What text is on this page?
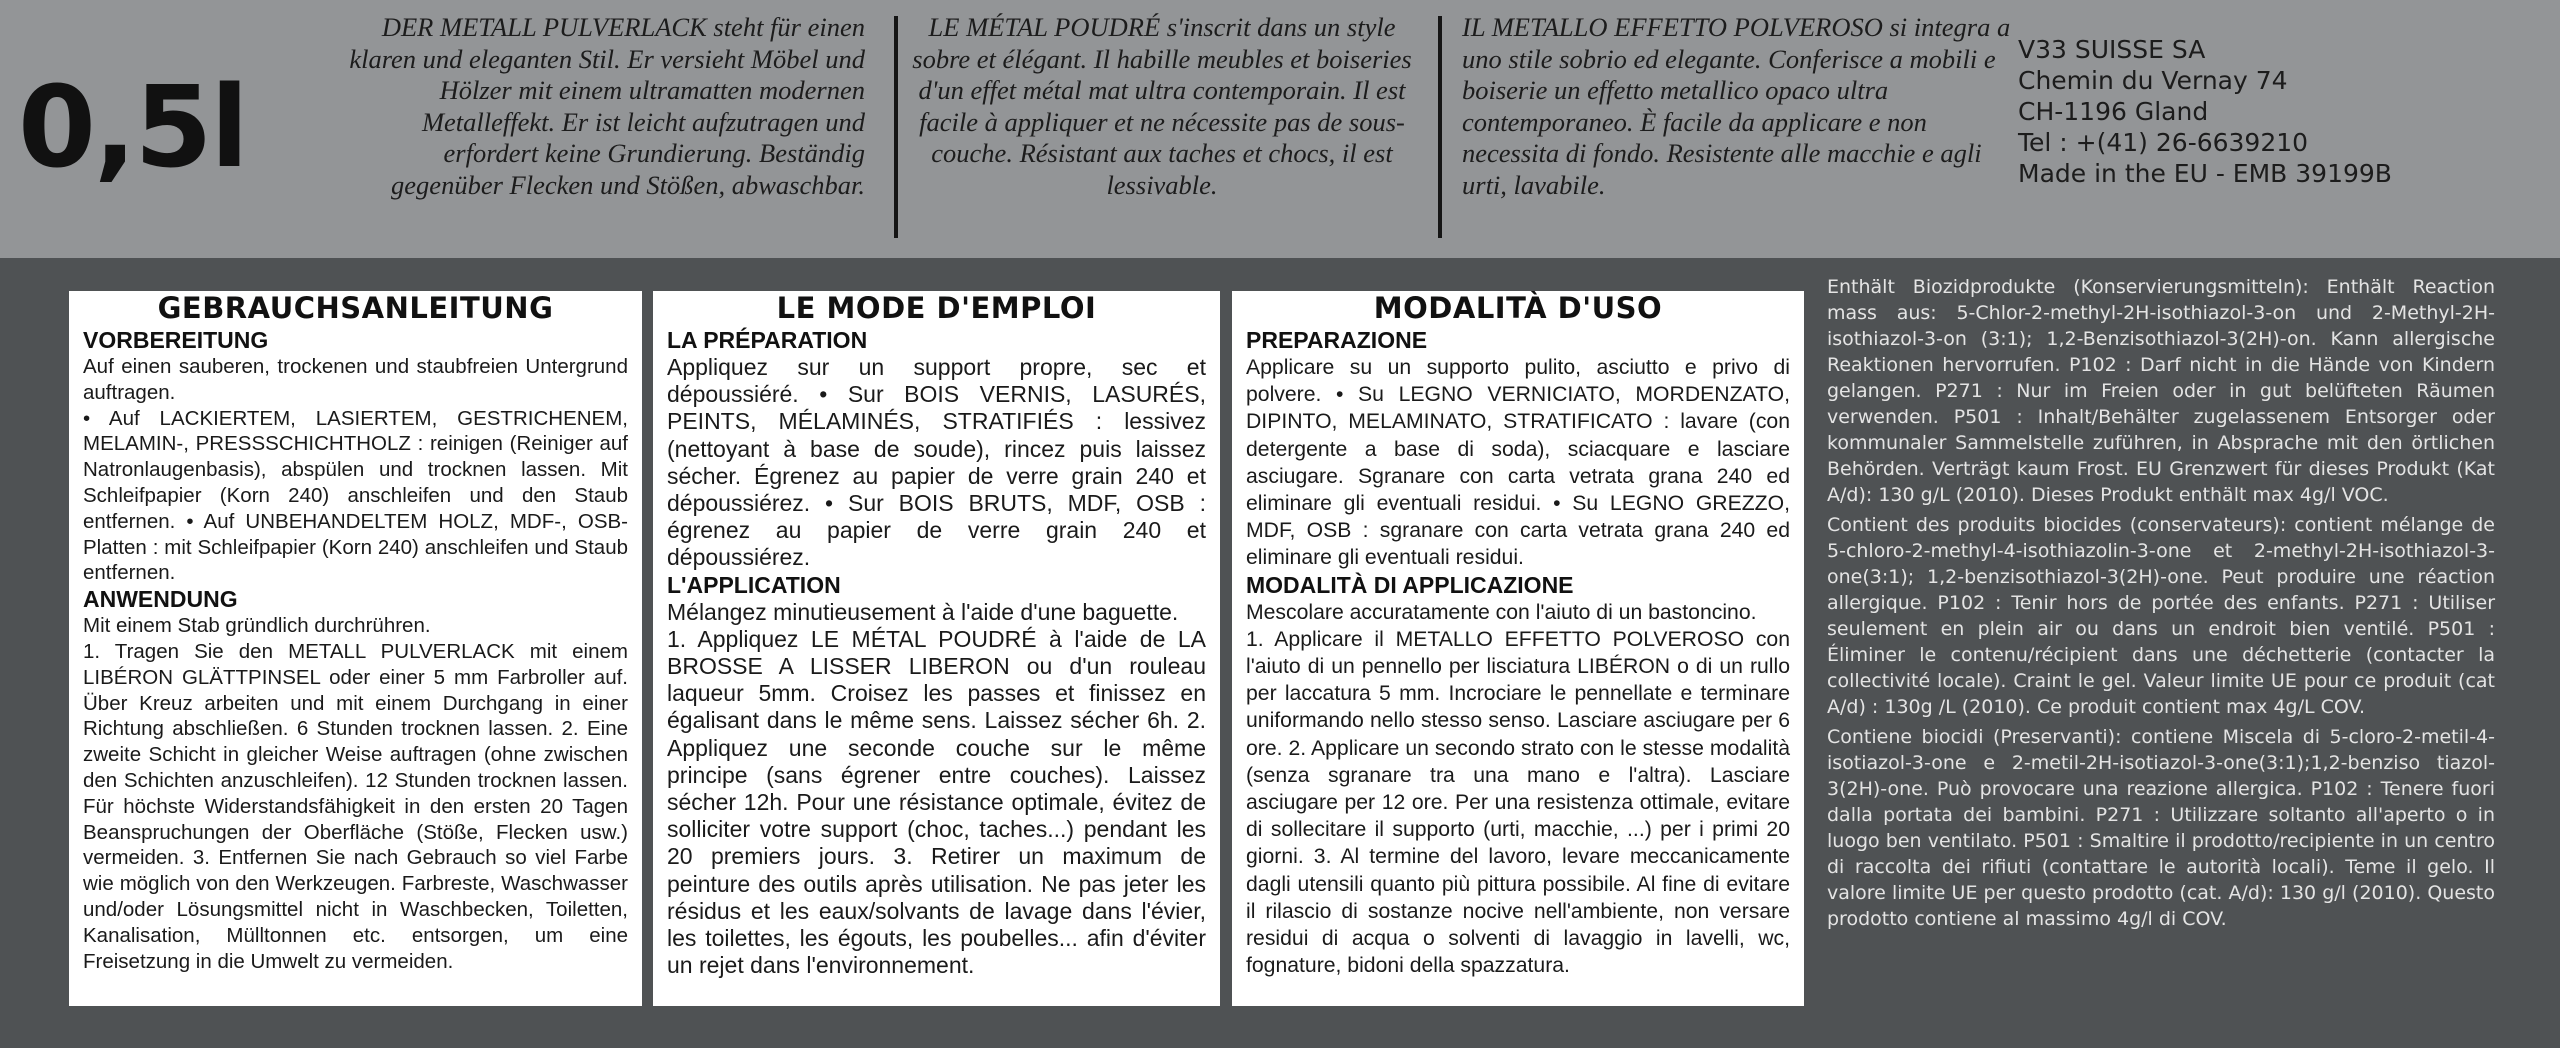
0,5l
DER METALL PULVERLACK steht für einen klaren und eleganten Stil. Er versieht Möbel und Hölzer mit einem ultramatten modernen Metalleffekt. Er ist leicht aufzutragen und erfordert keine Grundierung. Beständig gegenüber Flecken und Stößen, abwaschbar.
LE MÉTAL POUDRÉ s'inscrit dans un style sobre et élégant. Il habille meubles et boiseries d'un effet métal mat ultra contemporain. Il est facile à appliquer et ne nécessite pas de sous-couche. Résistant aux taches et chocs, il est lessivable.
IL METALLO EFFETTO POLVEROSO si integra a uno stile sobrio ed elegante. Conferisce a mobili e boiserie un effetto metallico opaco ultra contemporaneo. È facile da applicare e non necessita di fondo. Resistente alle macchie e agli urti, lavabile.
V33 SUISSE SA
Chemin du Vernay 74
CH-1196 Gland
Tel : +(41) 26-6639210
Made in the EU - EMB 39199B
GEBRAUCHSANLEITUNG
VORBEREITUNG

Auf einen sauberen, trockenen und staubfreien Untergrund auftragen.

• Auf LACKIERTEM, LASIERTEM, GESTRICHENEM, MELAMIN-, PRESSSCHICHTHOLZ : reinigen (Reiniger auf Natronlaugenbasis), abspülen und trocknen lassen. Mit Schleifpapier (Korn 240) anschleifen und den Staub entfernen. • Auf UNBEHANDELTEM HOLZ, MDF-, OSB-Platten : mit Schleifpapier (Korn 240) anschleifen und Staub entfernen.

ANWENDUNG

Mit einem Stab gründlich durchrühren.

1. Tragen Sie den METALL PULVERLACK mit einem LIBÉRON GLÄTTPINSEL oder einer 5 mm Farbroller auf. Über Kreuz arbeiten und mit einem Durchgang in einer Richtung abschließen. 6 Stunden trocknen lassen. 2. Eine zweite Schicht in gleicher Weise auftragen (ohne zwischen den Schichten anzuschleifen). 12 Stunden trocknen lassen. Für höchste Widerstandsfähigkeit in den ersten 20 Tagen Beanspruchungen der Oberfläche (Stöße, Flecken usw.) vermeiden. 3. Entfernen Sie nach Gebrauch so viel Farbe wie möglich von den Werkzeugen. Farbreste, Waschwasser und/oder Lösungsmittel nicht in Waschbecken, Toiletten, Kanalisation, Mülltonnen etc. entsorgen, um eine Freisetzung in die Umwelt zu vermeiden.

LE MODE D'EMPLOI
LA PRÉPARATION

Appliquez sur un support propre, sec et dépoussiéré. • Sur BOIS VERNIS, LASURÉS, PEINTS, MÉLAMINÉS, STRATIFIÉS : lessivez (nettoyant à base de soude), rincez puis laissez sécher. Égrenez au papier de verre grain 240 et dépoussiérez. • Sur BOIS BRUTS, MDF, OSB : égrenez au papier de verre grain 240 et dépoussiérez.

L'APPLICATION

Mélangez minutieusement à l'aide d'une baguette.

1. Appliquez LE MÉTAL POUDRÉ à l'aide de LA BROSSE A LISSER LIBERON ou d'un rouleau laqueur 5mm. Croisez les passes et finissez en égalisant dans le même sens. Laissez sécher 6h. 2. Appliquez une seconde couche sur le même principe (sans égrener entre couches). Laissez sécher 12h. Pour une résistance optimale, évitez de solliciter votre support (choc, taches...) pendant les 20 premiers jours. 3. Retirer un maximum de peinture des outils après utilisation. Ne pas jeter les résidus et les eaux/solvants de lavage dans l'évier, les toilettes, les égouts, les poubelles... afin d'éviter un rejet dans l'environnement.

MODALITÀ D'USO
PREPARAZIONE

Applicare su un supporto pulito, asciutto e privo di polvere. • Su LEGNO VERNICIATO, MORDENZATO, DIPINTO, MELAMINATO, STRATIFICATO : lavare (con detergente a base di soda), sciacquare e lasciare asciugare. Sgranare con carta vetrata grana 240 ed eliminare gli eventuali residui. • Su LEGNO GREZZO, MDF, OSB : sgranare con carta vetrata grana 240 ed eliminare gli eventuali residui.

MODALITÀ DI APPLICAZIONE

Mescolare accuratamente con l'aiuto di un bastoncino.

1. Applicare il METALLO EFFETTO POLVEROSO con l'aiuto di un pennello per lisciatura LIBÉRON o di un rullo per laccatura 5 mm. Incrociare le pennellate e terminare uniformando nello stesso senso. Lasciare asciugare per 6 ore. 2. Applicare un secondo strato con le stesse modalità (senza sgranare tra una mano e l'altra). Lasciare asciugare per 12 ore. Per una resistenza ottimale, evitare di sollecitare il supporto (urti, macchie, ...) per i primi 20 giorni. 3. Al termine del lavoro, levare meccanicamente dagli utensili quanto più pittura possibile. Al fine di evitare il rilascio di sostanze nocive nell'ambiente, non versare residui di acqua o solventi di lavaggio in lavelli, wc, fognature, bidoni della spazzatura.

Enthält Biozidprodukte (Konservierungsmitteln): Enthält Reaction mass aus: 5-Chlor-2-methyl-2H-isothiazol-3-on und 2-Methyl-2H-isothiazol-3-on (3:1); 1,2-Benzisothiazol-3(2H)-on. Kann allergische Reaktionen hervorrufen. P102 : Darf nicht in die Hände von Kindern gelangen. P271 : Nur im Freien oder in gut belüfteten Räumen verwenden. P501 : Inhalt/Behälter zugelassenem Entsorger oder kommunaler Sammelstelle zuführen, in Absprache mit den örtlichen Behörden. Verträgt kaum Frost. EU Grenzwert für dieses Produkt (Kat A/d): 130 g/L (2010). Dieses Produkt enthält max 4g/l VOC.

Contient des produits biocides (conservateurs): contient mélange de 5-chloro-2-methyl-4-isothiazolin-3-one et 2-methyl-2H-isothiazol-3-one(3:1); 1,2-benzisothiazol-3(2H)-one. Peut produire une réaction allergique. P102 : Tenir hors de portée des enfants. P271 : Utiliser seulement en plein air ou dans un endroit bien ventilé. P501 : Éliminer le contenu/récipient dans une déchetterie (contacter la collectivité locale). Craint le gel. Valeur limite UE pour ce produit (cat A/d) : 130g /L (2010). Ce produit contient max 4g/L COV.

Contiene biocidi (Preservanti): contiene Miscela di 5-cloro-2-metil-4-isotiazol-3-one e 2-metil-2H-isotiazol-3-one(3:1);1,2-benziso tiazol-3(2H)-one. Può provocare una reazione allergica. P102 : Tenere fuori dalla portata dei bambini. P271 : Utilizzare soltanto all'aperto o in luogo ben ventilato. P501 : Smaltire il prodotto/recipiente in un centro di raccolta dei rifiuti (contattare le autorità locali). Teme il gelo. Il valore limite UE per questo prodotto (cat. A/d): 130 g/l (2010). Questo prodotto contiene al massimo 4g/l di COV.
